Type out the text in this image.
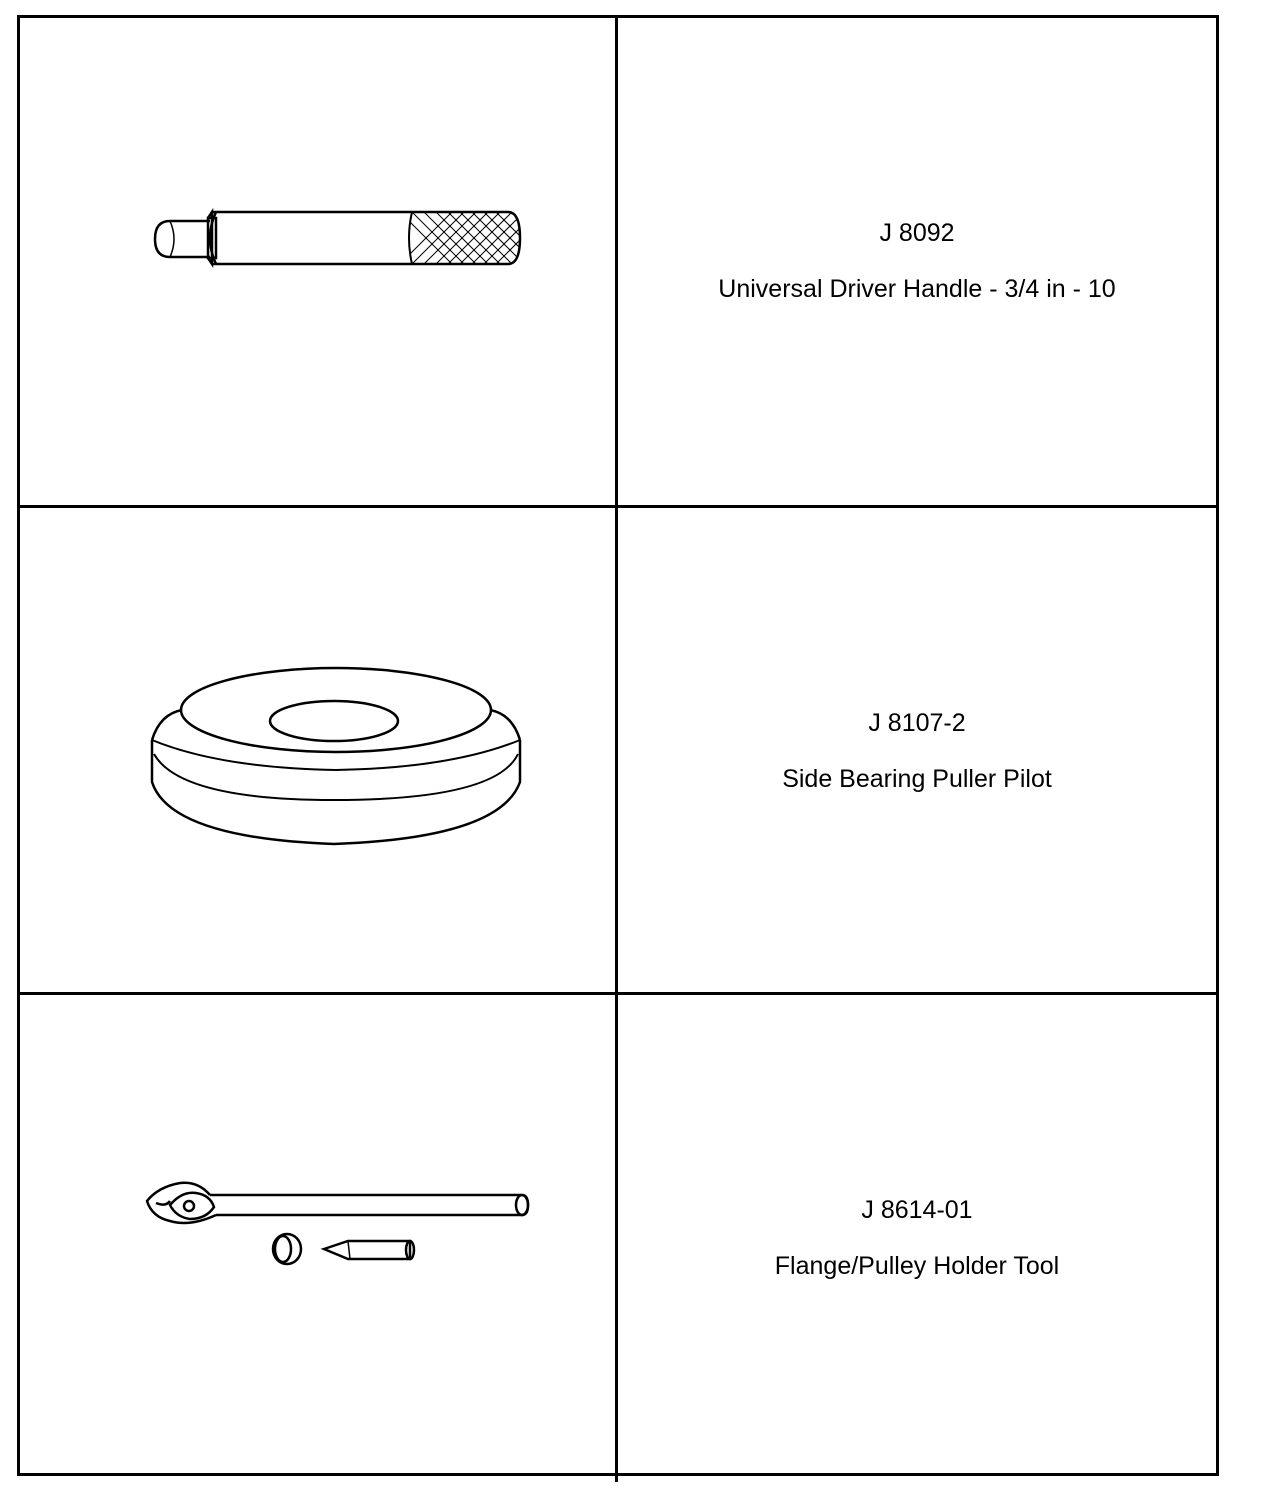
J 8092
Universal Driver Handle - 3/4 in - 10
J 8107-2
Side Bearing Puller Pilot
J 8614-01
Flange/Pulley Holder Tool
